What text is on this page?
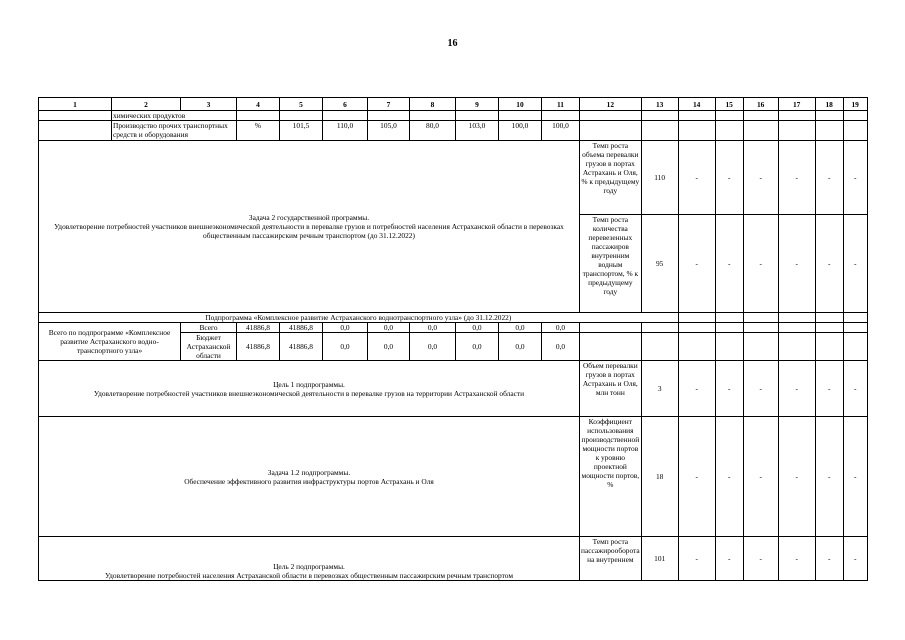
16
1	2	3	4	5	6	7	8	9	10	11	12	13	14	15	16	17	18	19
	химических продуктов																	
	Производство прочих транспортных средств и оборудования		%	101,5	110,0	105,0	80,0	103,0	100,0	100,0								

Задача 2 государственной программы.
Удовлетворение потребностей участников внешнеэкономической деятельности в перевалке грузов и потребностей населения Астраханской области в перевозках общественным пассажирским речным транспортом (до 31.12.2022)											Темп роста объема перевалки грузов в портах Астрахань и Оля, % к предыдущему году	110	-	-	-	-	-	-
											Темп роста количества перевезенных пассажиров внутренним водным транспортом, % к предыдущему году	95	-	-	-	-	-	-
Подпрограмма «Комплексное развитие Астраханского воднотранспортного узла» (до 31.12.2022)																		
Всего по подпрограмме «Комплексное развитие Астраханского воднотранспортного узла»		Всего	41886,8	41886,8	0,0	0,0	0,0	0,0	0,0	0,0								
		Бюджет Астраханской области	41886,8	41886,8	0,0	0,0	0,0	0,0	0,0	0,0								

Цель 1 подпрограммы.
Удовлетворение потребностей участников внешнеэкономической деятельности в перевалке грузов на территории Астраханской области											Объем перевалки грузов в портах Астрахань и Оля, млн тонн	3	-	-	-	-	-	-

Задача 1.2 подпрограммы.
Обеспечение эффективного развития инфраструктуры портов Астрахань и Оля											Коэффициент использования производственной мощности портов к уровню проектной мощности портов, %	18	-	-	-	-	-	-

Цель 2 подпрограммы.
Удовлетворение потребностей населения Астраханской области в перевозках общественным пассажирским речным транспортом											Темп роста пассажирооборота на внутреннем	101	-	-	-	-	-	-
